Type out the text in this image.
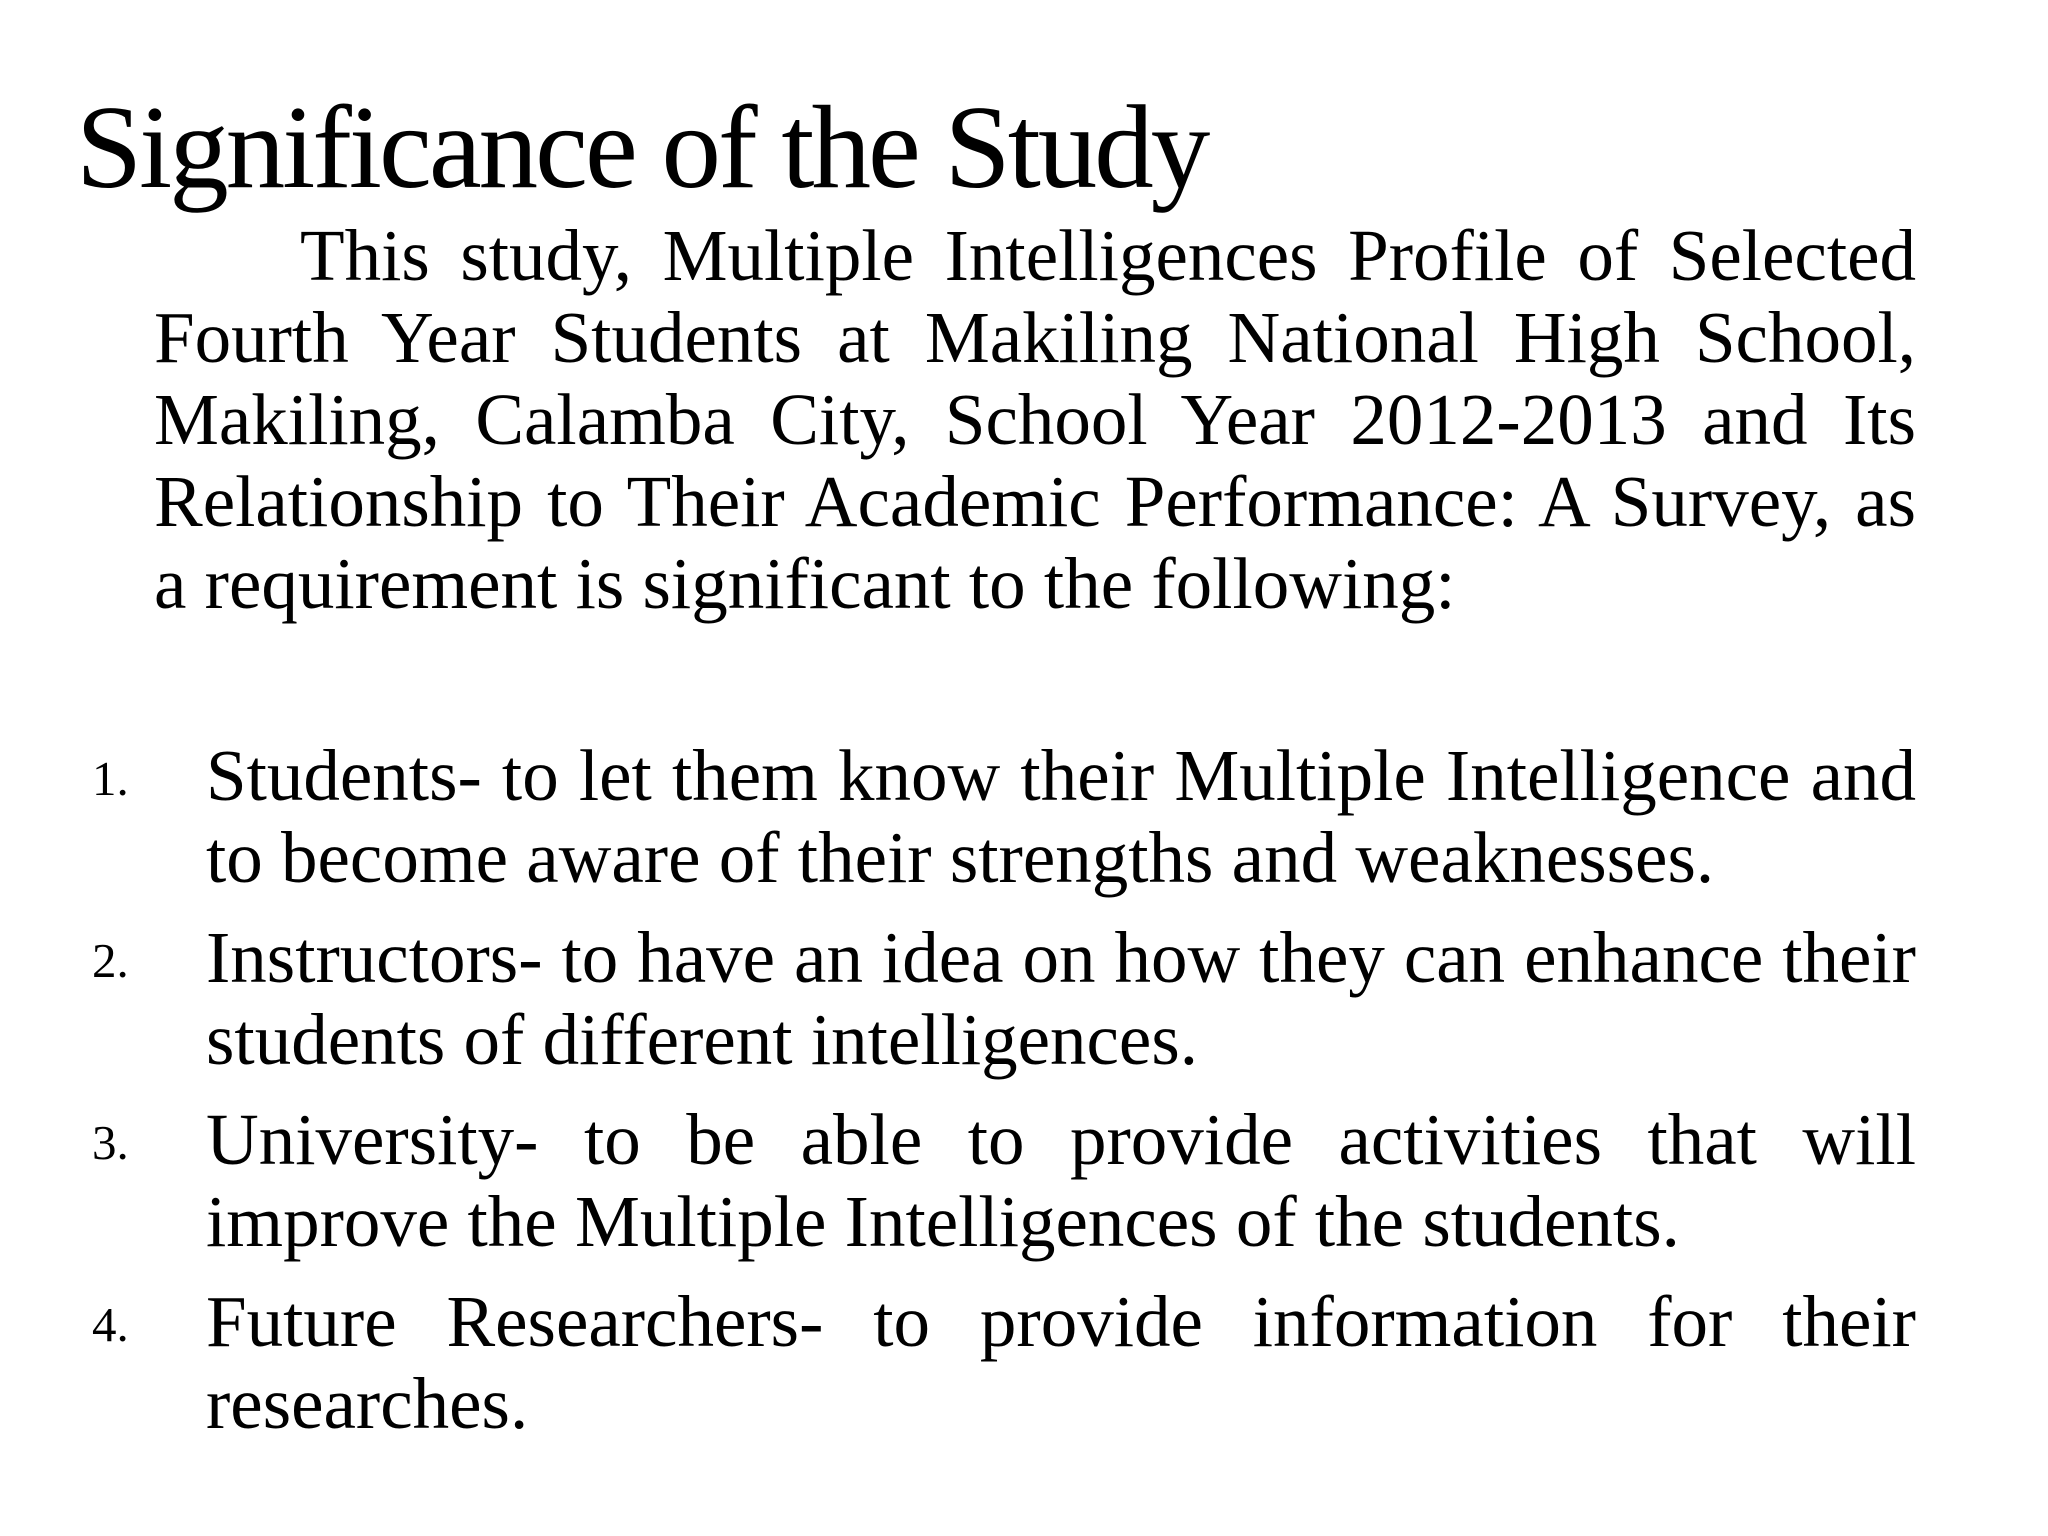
Significance of the Study

This study, Multiple Intelligences Profile of Selected Fourth Year Students at Makiling National High School, Makiling, Calamba City, School Year 2012-2013 and Its Relationship to Their Academic Performance: A Survey, as a requirement is significant to the following:

1. Students- to let them know their Multiple Intelligence and to become aware of their strengths and weaknesses.
2. Instructors- to have an idea on how they can enhance their students of different intelligences.
3. University- to be able to provide activities that will improve the Multiple Intelligences of the students.
4. Future Researchers- to provide information for their researches.
